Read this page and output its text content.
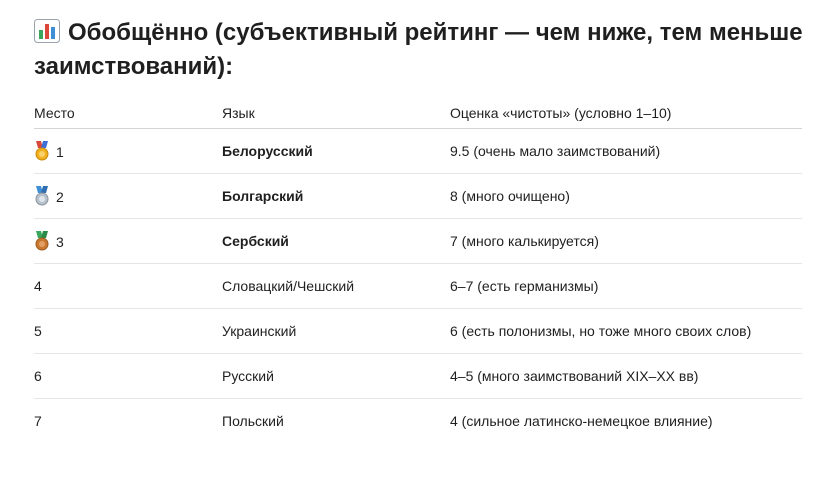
Обобщённо (субъективный рейтинг — чем ниже, тем меньше заимствований):
Место	Язык	Оценка «чистоты» (условно 1–10)
1	Белорусский	9.5 (очень мало заимствований)
2	Болгарский	8 (много очищено)
3	Сербский	7 (много калькируется)
4	Словацкий/Чешский	6–7 (есть германизмы)
5	Украинский	6 (есть полонизмы, но тоже много своих слов)
6	Русский	4–5 (много заимствований XIX–XX вв)
7	Польский	4 (сильное латинско-немецкое влияние)
